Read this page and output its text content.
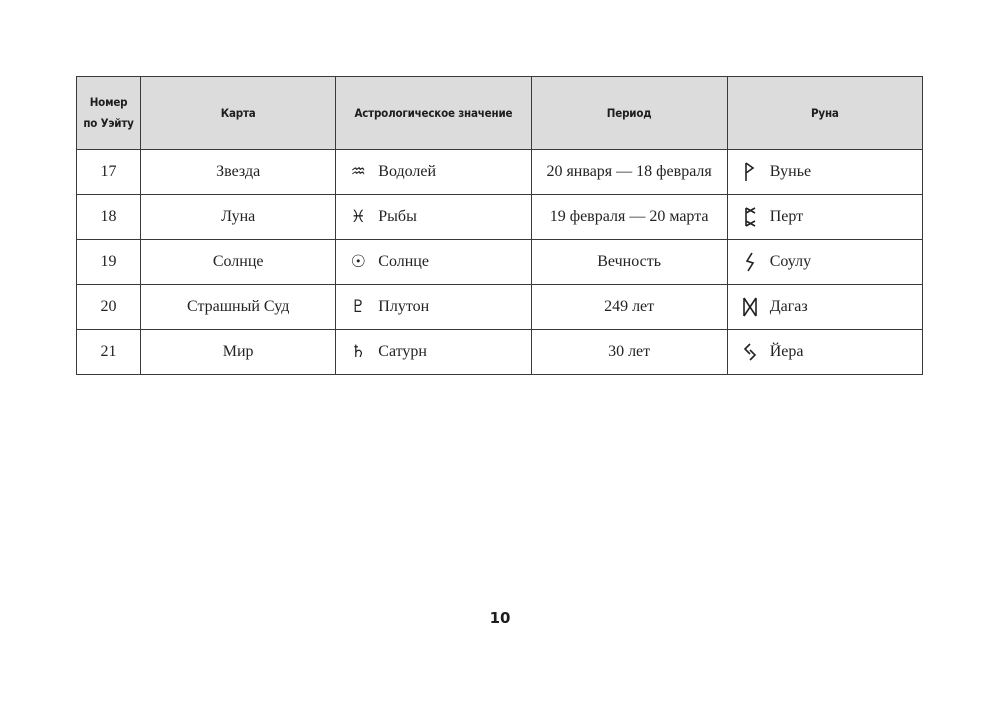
Номер
по Уэйту	Карта	Астрологическое значение	Период	Руна
17	Звезда	♒ Водолей	20 января — 18 февраля	Вунье
18	Луна	♓ Рыбы	19 февраля — 20 марта	Перт
19	Солнце	☉ Солнце	Вечность	Соулу
20	Страшный Суд	♇ Плутон	249 лет	Дагаз
21	Мир	♄ Сатурн	30 лет	Йера
10
